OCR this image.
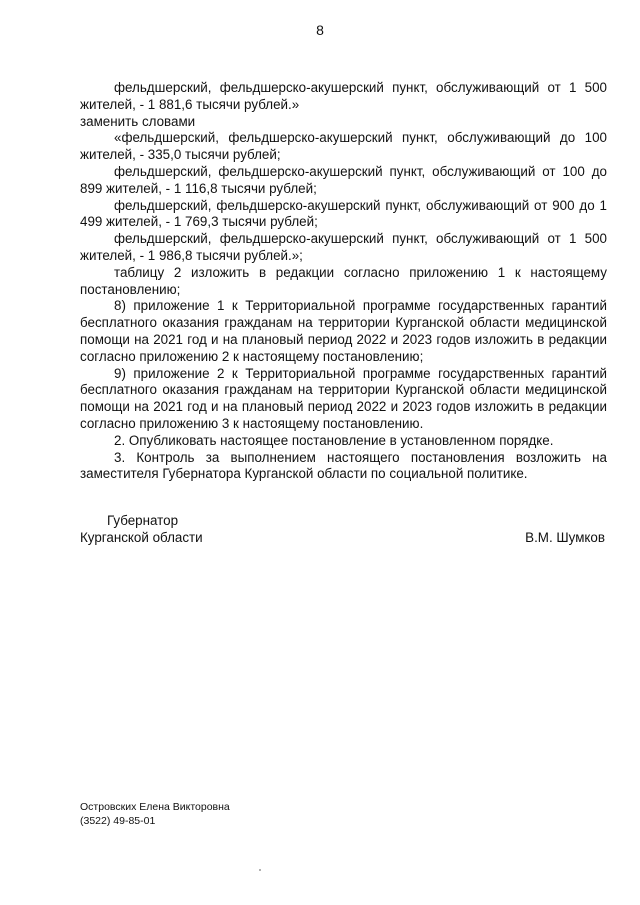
8

фельдшерский, фельдшерско-акушерский пункт, обслуживающий от 1 500 жителей, - 1 881,6 тысячи рублей.»

заменить словами

«фельдшерский, фельдшерско-акушерский пункт, обслуживающий до 100 жителей, - 335,0 тысячи рублей;

фельдшерский, фельдшерско-акушерский пункт, обслуживающий от 100 до 899 жителей, - 1 116,8 тысячи рублей;

фельдшерский, фельдшерско-акушерский пункт, обслуживающий от 900 до 1 499 жителей, - 1 769,3 тысячи рублей;

фельдшерский, фельдшерско-акушерский пункт, обслуживающий от 1 500 жителей, - 1 986,8 тысячи рублей.»;

таблицу 2 изложить в редакции согласно приложению 1 к настоящему постановлению;

8) приложение 1 к Территориальной программе государственных гарантий бесплатного оказания гражданам на территории Курганской области медицинской помощи на 2021 год и на плановый период 2022 и 2023 годов изложить в редакции согласно приложению 2 к настоящему постановлению;

9) приложение 2 к Территориальной программе государственных гарантий бесплатного оказания гражданам на территории Курганской области медицинской помощи на 2021 год и на плановый период 2022 и 2023 годов изложить в редакции согласно приложению 3 к настоящему постановлению.

2. Опубликовать настоящее постановление в установленном порядке.

3. Контроль за выполнением настоящего постановления возложить на заместителя Губернатора Курганской области по социальной политике.

Губернатор
Курганской области	В.М. Шумков
Островских Елена Викторовна
(3522) 49-85-01
